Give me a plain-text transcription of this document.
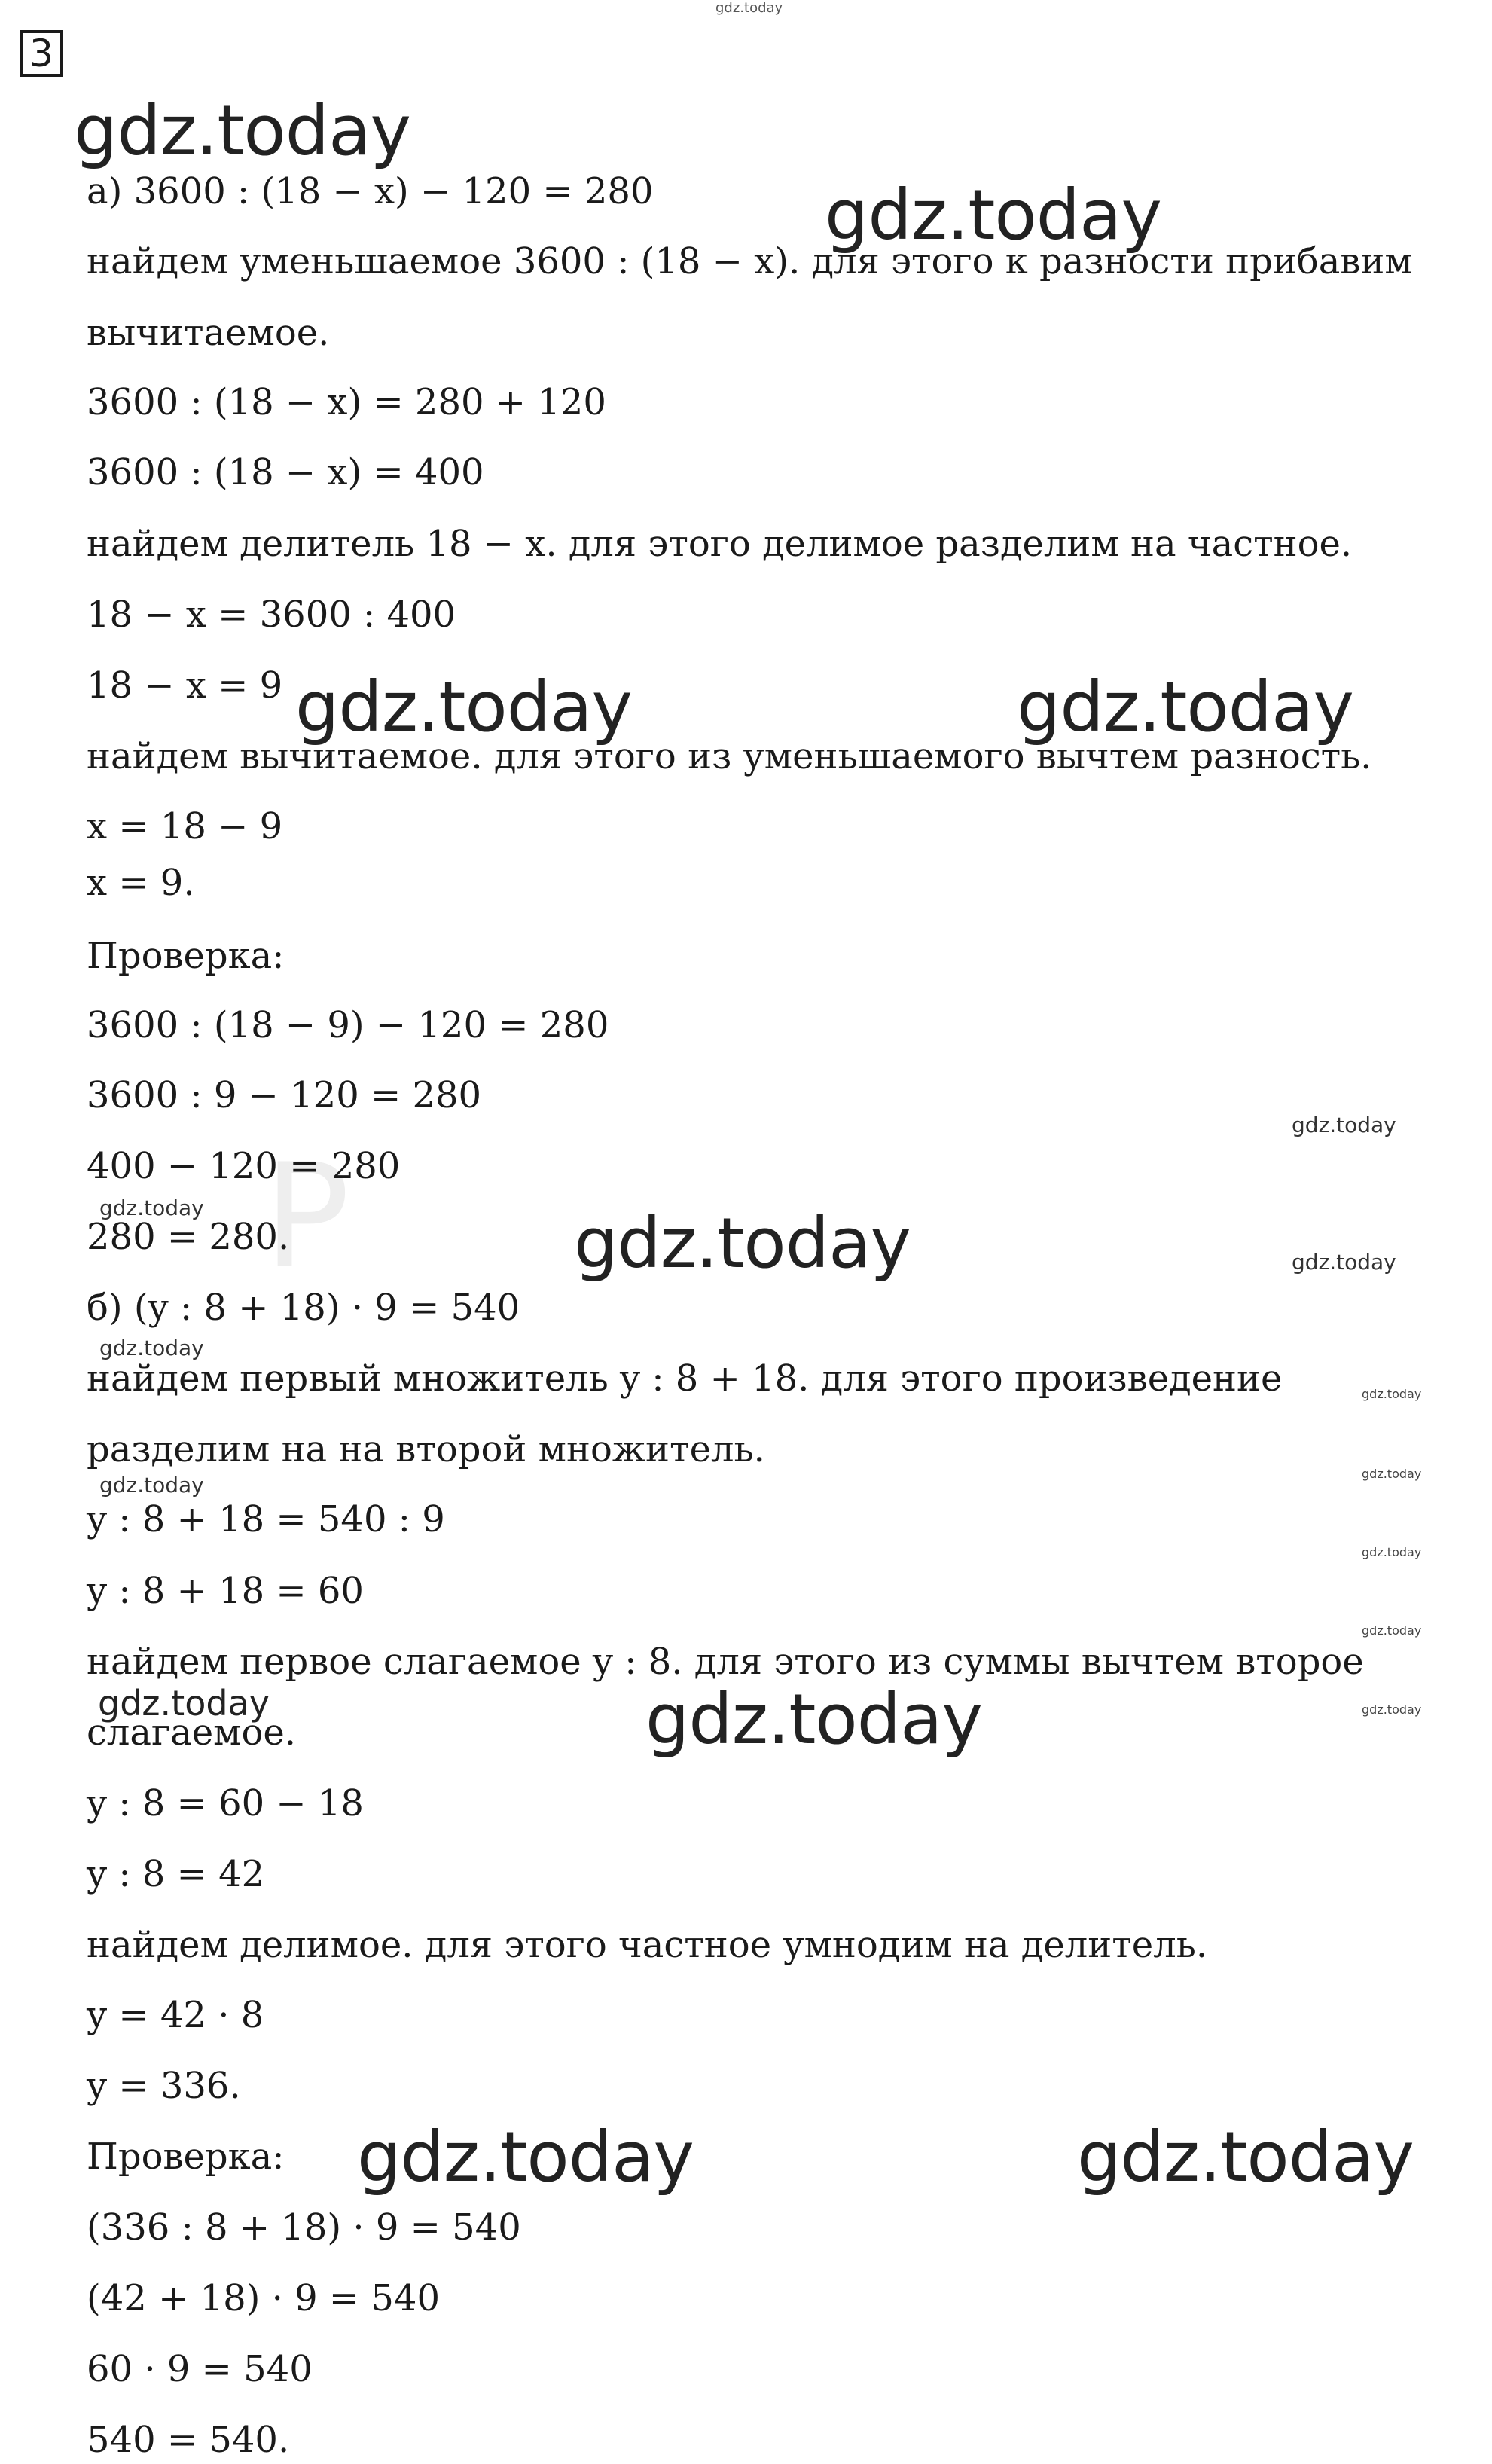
gdz.today
3
P
а) 3600 : (18 − x) − 120 = 280
найдем уменьшаемое 3600 : (18 − x). для этого к разности прибавим
вычитаемое.
3600 : (18 − x) = 280 + 120
3600 : (18 − x) = 400
найдем делитель 18 − x. для этого делимое разделим на частное.
18 − x = 3600 : 400
18 − x = 9
найдем вычитаемое. для этого из уменьшаемого вычтем разность.
x = 18 − 9
x = 9.
Проверка:
3600 : (18 − 9) − 120 = 280
3600 : 9 − 120 = 280
400 − 120 = 280
280 = 280.
б) (y : 8 + 18) · 9 = 540
найдем первый множитель y : 8 + 18. для этого произведение
разделим на на второй множитель.
y : 8 + 18 = 540 : 9
y : 8 + 18 = 60
найдем первое слагаемое y : 8. для этого из суммы вычтем второе
слагаемое.
y : 8 = 60 − 18
y : 8 = 42
найдем делимое. для этого частное умнодим на делитель.
y = 42 · 8
y = 336.
Проверка:
(336 : 8 + 18) · 9 = 540
(42 + 18) · 9 = 540
60 · 9 = 540
540 = 540.
gdz.today
gdz.today
gdz.today	gdz.today
gdz.today
gdz.today
gdz.today	gdz.today
gdz.today
gdz.today
gdz.today
gdz.today
gdz.today
gdz.today
gdz.today
gdz.today
gdz.today
gdz.today
gdz.today
